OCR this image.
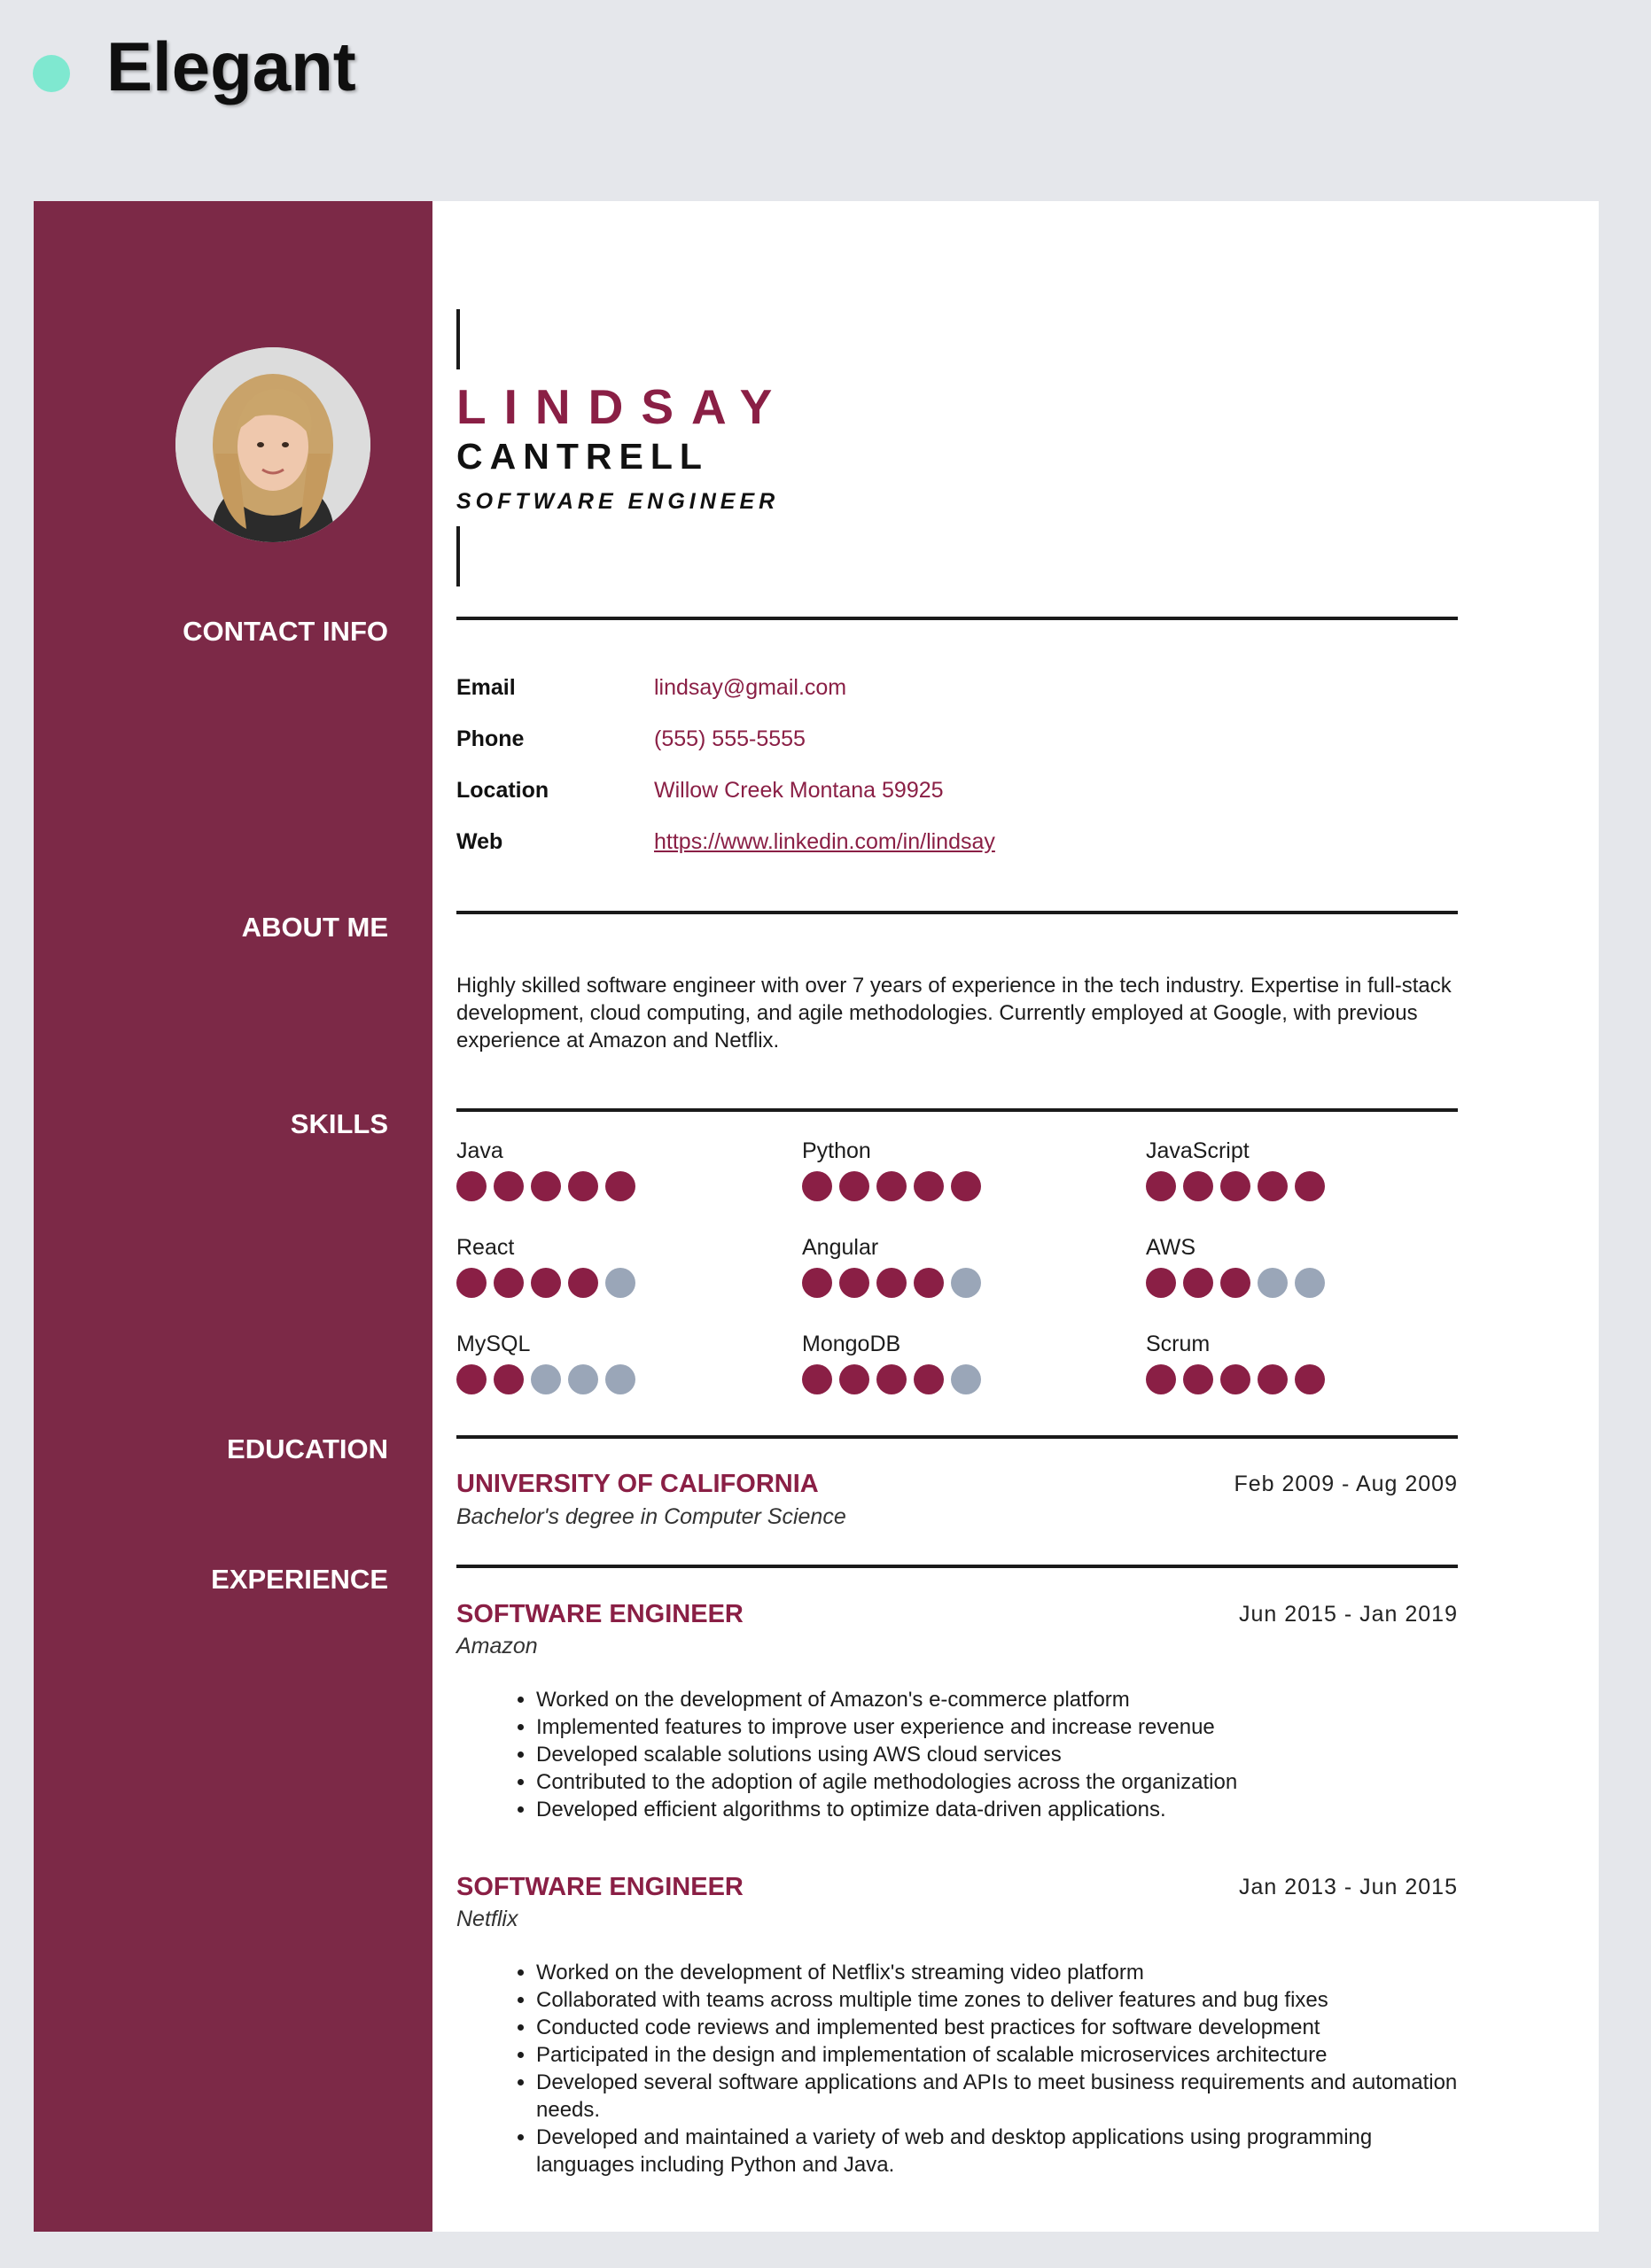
Elegant
CONTACT INFO
ABOUT ME
SKILLS
EDUCATION
EXPERIENCE
LINDSAY
CANTRELL

SOFTWARE ENGINEER

Email	lindsay@gmail.com
Phone	(555) 555-5555
Location	Willow Creek Montana 59925
Web	https://www.linkedin.com/in/lindsay

Highly skilled software engineer with over 7 years of experience in the tech industry. Expertise in full-stack development, cloud computing, and agile methodologies. Currently employed at Google, with previous experience at Amazon and Netflix.

Java	Python	JavaScript
React	Angular	AWS
MySQL	MongoDB	Scrum
UNIVERSITY OF CALIFORNIA	Feb 2009 - Aug 2009

Bachelor's degree in Computer Science

SOFTWARE ENGINEER	Jun 2015 - Jan 2019

Amazon

• Worked on the development of Amazon's e-commerce platform
• Implemented features to improve user experience and increase revenue
• Developed scalable solutions using AWS cloud services
• Contributed to the adoption of agile methodologies across the organization
• Developed efficient algorithms to optimize data-driven applications.
SOFTWARE ENGINEER	Jan 2013 - Jun 2015

Netflix

• Worked on the development of Netflix's streaming video platform
• Collaborated with teams across multiple time zones to deliver features and bug fixes
• Conducted code reviews and implemented best practices for software development
• Participated in the design and implementation of scalable microservices architecture
• Developed several software applications and APIs to meet business requirements and automation needs.
• Developed and maintained a variety of web and desktop applications using programming languages including Python and Java.
